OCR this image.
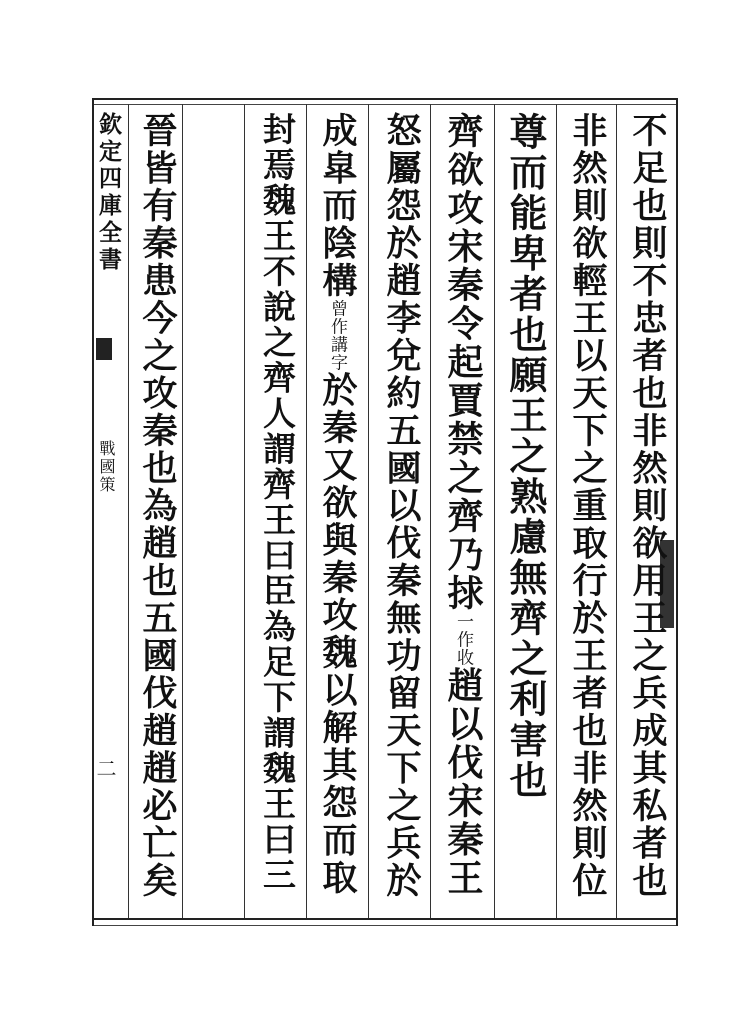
欽定四庫全書
戰國策
二	不足也則不忠者也非然則欲用王之兵成其私者也
非然則欲輕王以天下之重取行於王者也非然則位
尊而能卑者也願王之熟慮無齊之利害也
齊欲攻宋秦令起賈禁之齊乃捄一作收趙以伐宋秦王
怒屬怨於趙李兌約五國以伐秦無功留天下之兵於
成皐而陰構曾作講字於秦又欲與秦攻魏以解其怨而取
封焉魏王不說之齊人謂齊王曰臣為足下謂魏王曰三
晉皆有秦患今之攻秦也為趙也五國伐趙趙必亡矣
